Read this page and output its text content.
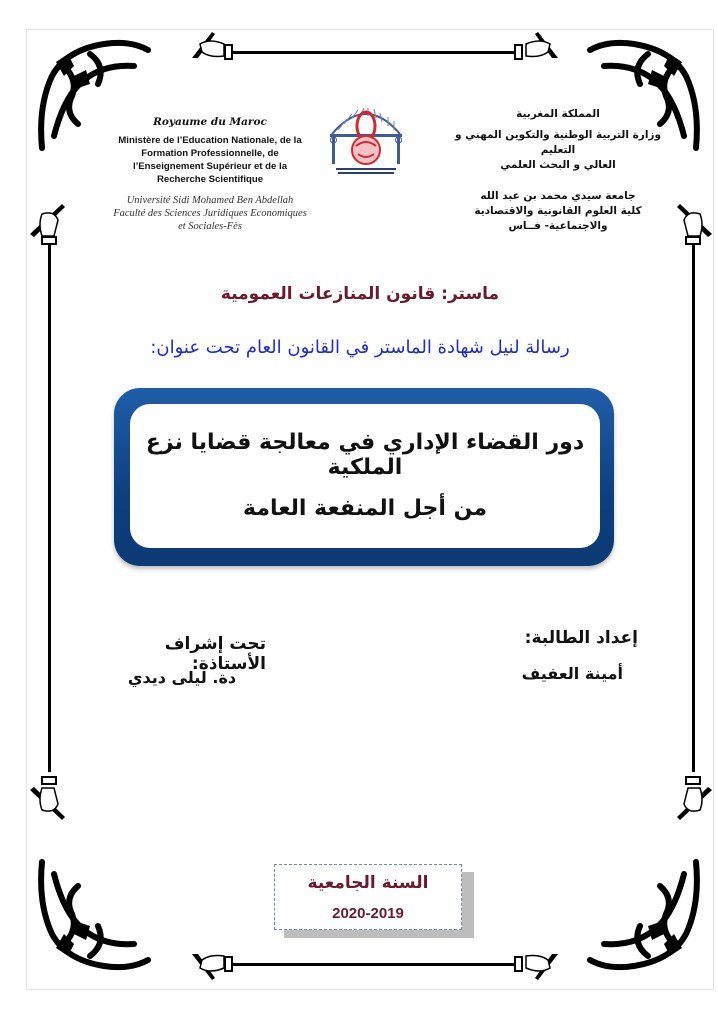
Royaume du Maroc
Ministère de l’Education Nationale, de la
Formation Professionnelle, de
l’Enseignement Supérieur et de la
Recherche Scientifique
Université Sidi Mohamed Ben Abdellah
Faculté des Sciences Juridiques Economiques
et Sociales-Fès
المملكة المغربية
وزارة التربية الوطنية والتكوين المهني و التعليم
العالي و البحث العلمي
جامعة سيدي محمد بن عبد الله
كلية العلوم القانونية والاقتصادية
والاجتماعية- فــاس
ماستر: قانون المنازعات العمومية
رسالة لنيل شهادة الماستر في القانون العام تحت عنوان:
دور القضاء الإداري في معالجة قضايا نزع الملكية
من أجل المنفعة العامة
إعداد الطالبة:
أمينة العفيف
تحت إشراف الأستاذة:
دة. ليلى ديدي
السنة الجامعية
2020-2019
